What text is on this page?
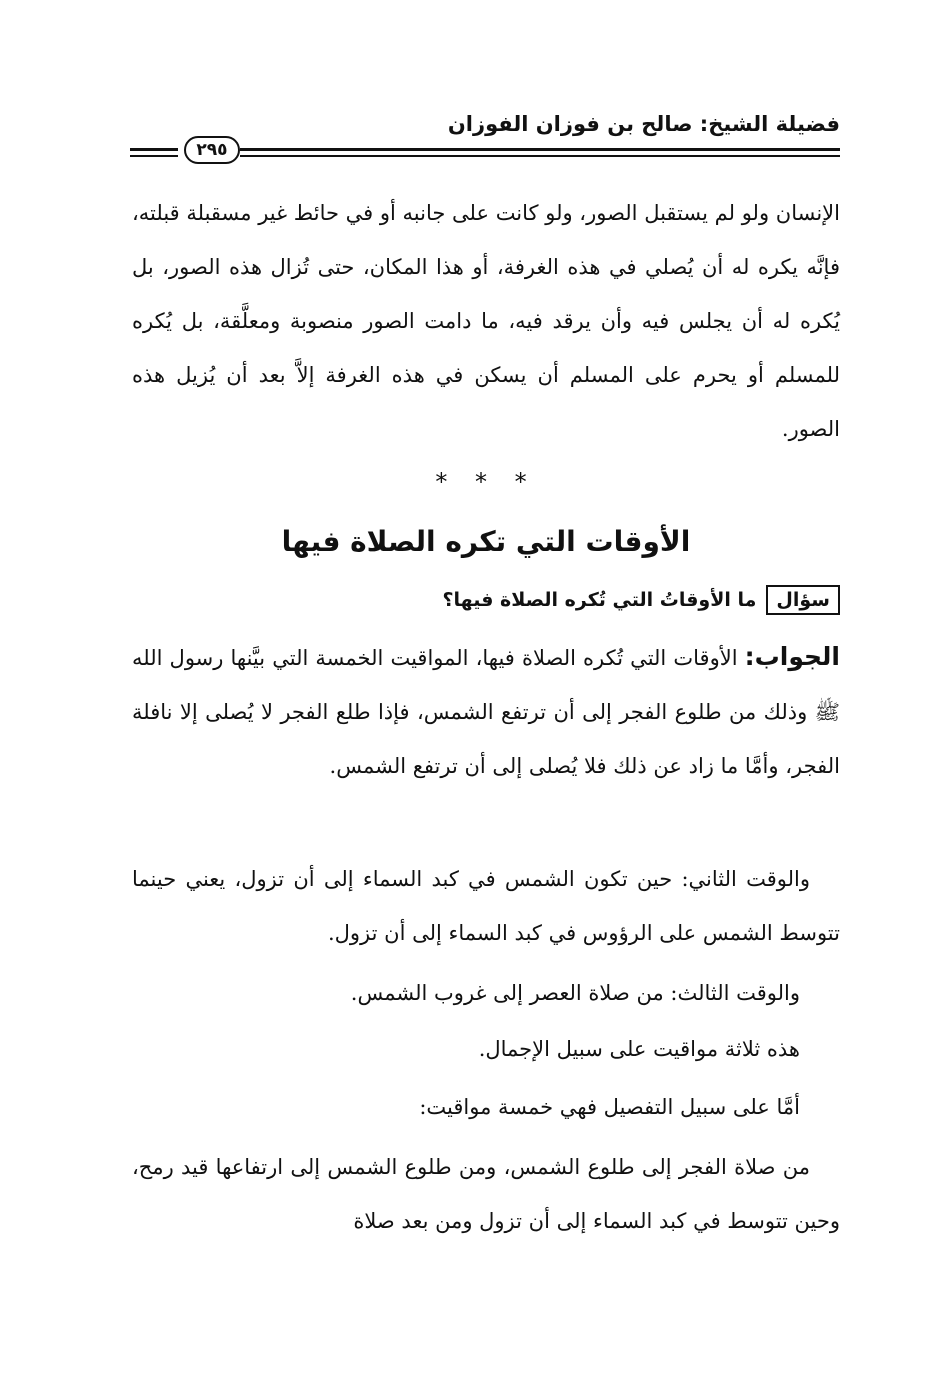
فضيلة الشيخ: صالح بن فوزان الفوزان
٢٩٥

الإنسان ولو لم يستقبل الصور، ولو كانت على جانبه أو في حائط غير مسقبلة قبلته، فإنَّه يكره له أن يُصلي في هذه الغرفة، أو هذا المكان، حتى تُزال هذه الصور، بل يُكره له أن يجلس فيه وأن يرقد فيه، ما دامت الصور منصوبة ومعلَّقة، بل يُكره للمسلم أو يحرم على المسلم أن يسكن في هذه الغرفة إلاَّ بعد أن يُزيل هذه الصور.

* * *
الأوقات التي تكره الصلاة فيها
سؤال
ما الأوقاتُ التي تُكره الصلاة فيها؟

الجواب: الأوقات التي تُكره الصلاة فيها، المواقيت الخمسة التي بيَّنها رسول الله ﷺ وذلك من طلوع الفجر إلى أن ترتفع الشمس، فإذا طلع الفجر لا يُصلى إلا نافلة الفجر، وأمَّا ما زاد عن ذلك فلا يُصلى إلى أن ترتفع الشمس.

والوقت الثاني: حين تكون الشمس في كبد السماء إلى أن تزول، يعني حينما تتوسط الشمس على الرؤوس في كبد السماء إلى أن تزول.

والوقت الثالث: من صلاة العصر إلى غروب الشمس.

هذه ثلاثة مواقيت على سبيل الإجمال.

أمَّا على سبيل التفصيل فهي خمسة مواقيت:

من صلاة الفجر إلى طلوع الشمس، ومن طلوع الشمس إلى ارتفاعها قيد رمح، وحين تتوسط في كبد السماء إلى أن تزول ومن بعد صلاة
